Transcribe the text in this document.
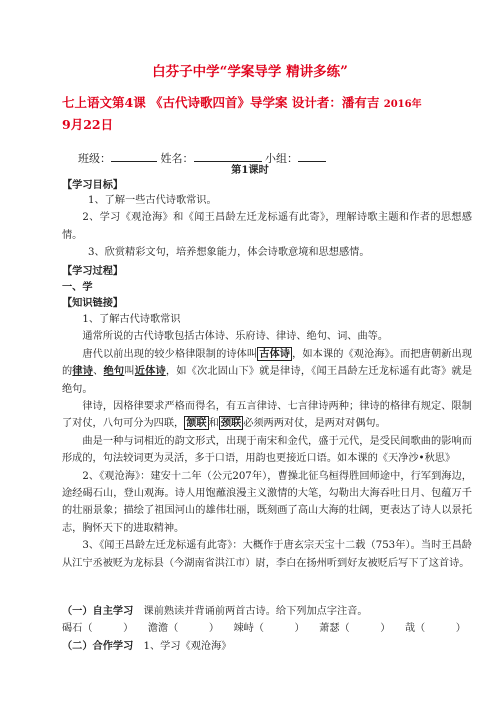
白芬子中学“学案导学 精讲多练”
七上语文第4课 《古代诗歌四首》导学案 设计者：潘有吉 2016年
9月22日
班级：	姓名：	小组：
第1课时
【学习目标】
1、了解一些古代诗歌常识。
2、学习《观沧海》和《闻王昌龄左迁龙标遥有此寄》，理解诗歌主题和作者的思想感情。
3、欣赏精彩文句，培养想象能力，体会诗歌意境和思想感情。
【学习过程】
一、学
【知识链接】
1、了解古代诗歌常识
通常所说的古代诗歌包括古体诗、乐府诗、律诗、绝句、词、曲等。
唐代以前出现的较少格律限制的诗体叫 古体诗 ，如本课的《观沧海》。而把唐朝新出现的律诗、绝句叫近体诗，如《次北固山下》就是律诗，《闻王昌龄左迁龙标遥有此寄》就是绝句。
律诗，因格律要求严格而得名，有五言律诗、七言律诗两种；律诗的格律有规定、限制了对仗，八句可分为四联， 颔联 和 颈联 必须两两对仗，是两对对偶句。
曲是一种与词相近的韵文形式，出现于南宋和金代，盛于元代，是受民间歌曲的影响而形成的，句法较词更为灵活，多于口语，用韵也更接近口语。如本课的《天净沙•秋思》
2、《观沧海》：建安十二年（公元207年），曹操北征乌桓得胜回师途中，行军到海边，途经碣石山，登山观海。诗人用饱蘸浪漫主义激情的大笔，勾勒出大海吞吐日月、包蕴万千的壮丽景象；描绘了祖国河山的雄伟壮丽，既刻画了高山大海的壮阔，更表达了诗人以景托志，胸怀天下的进取精神。
3、《闻王昌龄左迁龙标遥有此寄》：大概作于唐玄宗天宝十二载（753年）。当时王昌龄从江宁丞被贬为龙标县（今湖南省洪江市）尉，李白在扬州听到好友被贬后写下了这首诗。
（一）自主学习　 课前熟读并背诵前两首古诗。给下列加点字注音。
碣石（　　　） 澹澹（　　　） 竦峙（　　　） 萧瑟（　　　） 哉（　　　）
（二）合作学习　 1、学习《观沧海》
